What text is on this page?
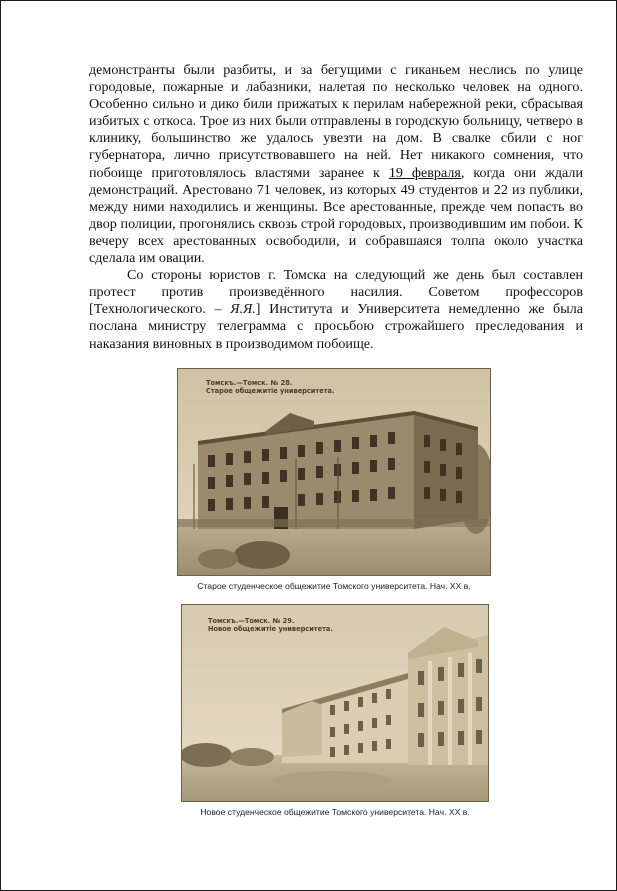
демонстранты были разбиты, и за бегущими с гиканьем неслись по улице городовые, пожарные и лабазники, налетая по несколько человек на одного. Особенно сильно и дико били прижатых к перилам набережной реки, сбрасывая избитых с откоса. Трое из них были отправлены в городскую больницу, четверо в клинику, большинство же удалось увезти на дом. В свалке сбили с ног губернатора, лично присутствовавшего на ней. Нет никакого сомнения, что побоище приготовлялось властями заранее к 19 февраля, когда они ждали демонстраций. Арестовано 71 человек, из которых 49 студентов и 22 из публики, между ними находились и женщины. Все арестованные, прежде чем попасть во двор полиции, прогонялись сквозь строй городовых, производившим им побои. К вечеру всех арестованных освободили, и собравшаяся толпа около участка сделала им овации.

Со стороны юристов г. Томска на следующий же день был составлен протест против произведённого насилия. Советом профессоров [Технологического. – Я.Я.] Института и Университета немедленно же была послана министру телеграмма с просьбою строжайшего преследования и наказания виновных в производимом побоище.

Томскъ.—Томск. № 28.
Старое общежитіе университета.
Старое студенческое общежитие Томского университета. Нач. XX в.
Томскъ.—Томск. № 29.
Новое общежитіе университета.
Новое студенческое общежитие Томского университета. Нач. XX в.
